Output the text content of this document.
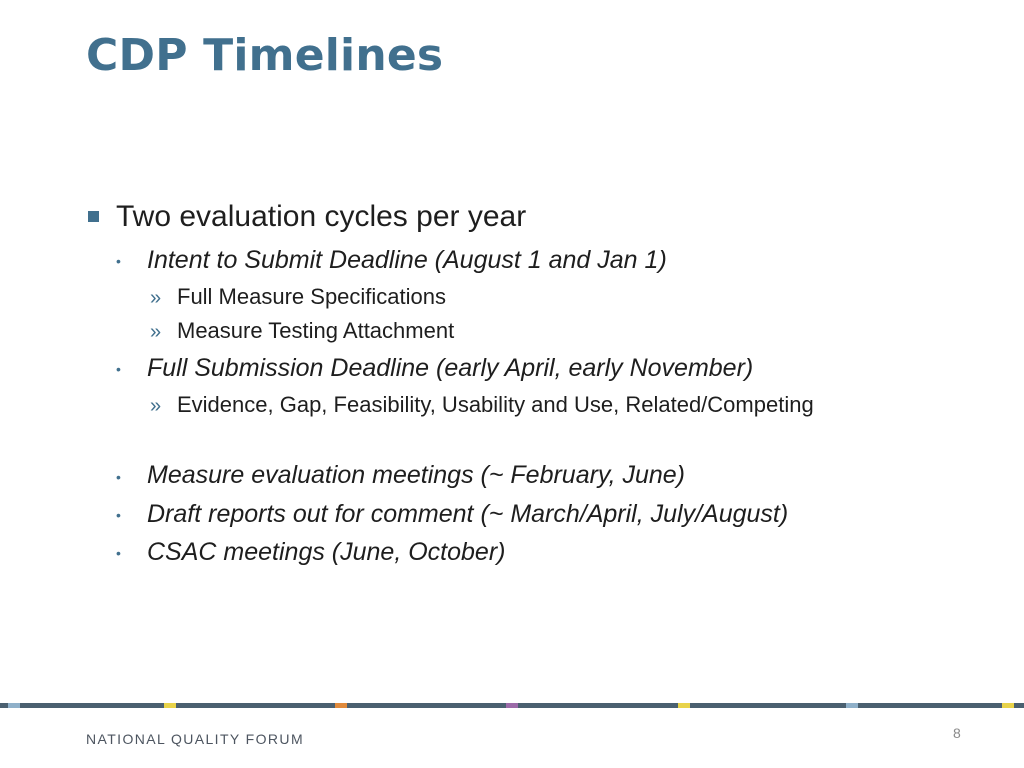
CDP Timelines
Two evaluation cycles per year
• Intent to Submit Deadline (August 1 and Jan 1)
» Full Measure Specifications
» Measure Testing Attachment
• Full Submission Deadline (early April, early November)
» Evidence, Gap, Feasibility, Usability and Use, Related/Competing
• Measure evaluation meetings (~ February, June)
• Draft reports out for comment (~ March/April, July/August)
• CSAC meetings (June, October)
NATIONAL QUALITY FORUM	8
